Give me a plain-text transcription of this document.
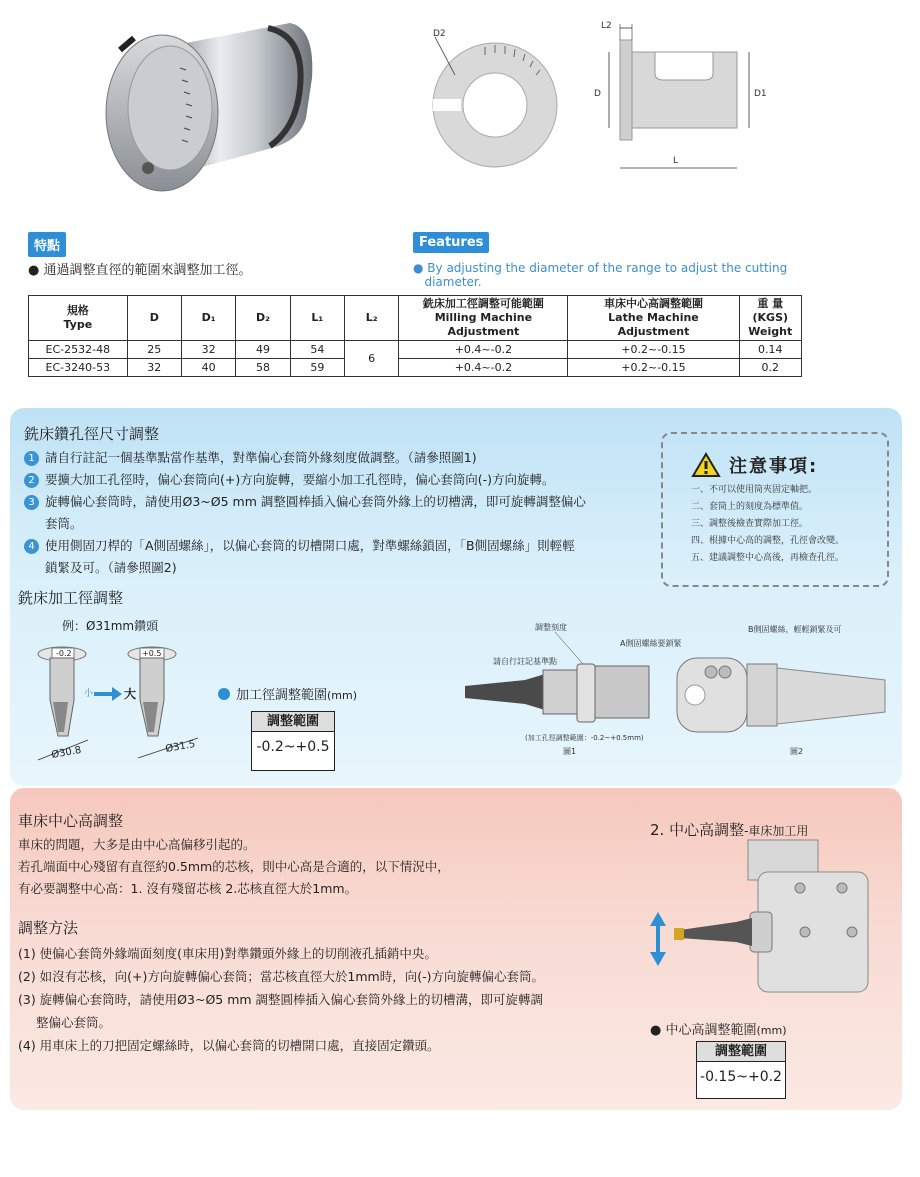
D2
L2
D	D1
L
特點
● 通過調整直徑的範圍來調整加工徑。
Features
● By adjusting the diameter of the range to adjust the cutting
diameter.
規格
Type	D	D₁	D₂	L₁	L₂	銑床加工徑調整可能範圍
Milling Machine Adjustment	車床中心高調整範圍
Lathe Machine Adjustment	重 量
(KGS)
Weight
EC-2532-48	25	32	49	54	6	+0.4~-0.2	+0.2~-0.15	0.14
EC-3240-53	32	40	58	59		+0.4~-0.2	+0.2~-0.15	0.2
銑床鑽孔徑尺寸調整
1 請自行註記一個基準點當作基準，對準偏心套筒外緣刻度做調整。（請參照圖1)
2 要擴大加工孔徑時，偏心套筒向(+)方向旋轉，要縮小加工孔徑時，偏心套筒向(-)方向旋轉。
3 旋轉偏心套筒時，請使用Ø3~Ø5 mm 調整圓棒插入偏心套筒外緣上的切槽溝，即可旋轉調整偏心
套筒。
4 使用側固刀桿的「A側固螺絲」，以偏心套筒的切槽開口處，對準螺絲鎖固，「B側固螺絲」則輕輕
鎖緊及可。（請參照圖2)
注意事項:
一、不可以使用筒夾固定軸把。
二、套筒上的刻度為標準值。
三、調整後檢查實際加工徑。
四、根據中心高的調整，孔徑會改變。
五、建議調整中心高後，再檢查孔徑。
銑床加工徑調整
例：Ø31mm鑽頭
-0.2	+0.5
小	大
Ø30.8	Ø31.5
加工徑調整範圍(mm)
調整範圍
-0.2~+0.5
調整刻度
請自行註記基準點
A側固螺絲要鎖緊
B側固螺絲，輕輕鎖緊及可
(加工孔徑調整範圍：-0.2~+0.5mm)
圖1	圖2
車床中心高調整
車床的問題，大多是由中心高偏移引起的。
若孔端面中心殘留有直徑約0.5mm的芯核，則中心高是合適的，以下情況中，
有必要調整中心高：1. 沒有殘留芯核 2.芯核直徑大於1mm。
調整方法
(1) 使偏心套筒外緣端面刻度(車床用)對準鑽頭外緣上的切削液孔插銷中央。
(2) 如沒有芯核，向(+)方向旋轉偏心套筒；當芯核直徑大於1mm時，向(-)方向旋轉偏心套筒。
(3) 旋轉偏心套筒時，請使用Ø3~Ø5 mm 調整圓棒插入偏心套筒外緣上的切槽溝，即可旋轉調
整偏心套筒。
(4) 用車床上的刀把固定螺絲時，以偏心套筒的切槽開口處，直接固定鑽頭。
2. 中心高調整-車床加工用
● 中心高調整範圍(mm)
調整範圍
-0.15~+0.2
